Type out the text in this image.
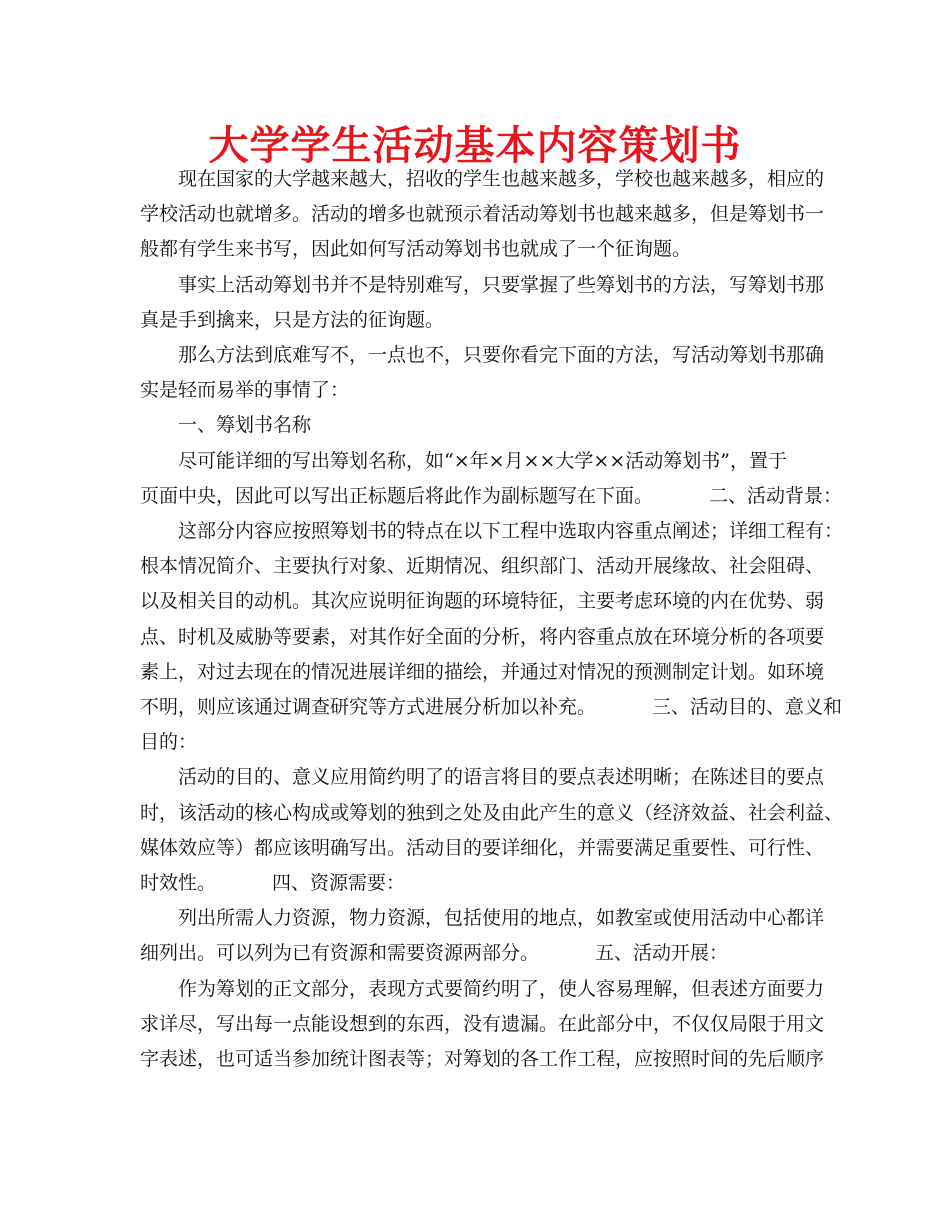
大学学生活动基本内容策划书

现在国家的大学越来越大，招收的学生也越来越多，学校也越来越多，相应的
学校活动也就增多。活动的增多也就预示着活动筹划书也越来越多，但是筹划书一
般都有学生来书写，因此如何写活动筹划书也就成了一个征询题。

事实上活动筹划书并不是特别难写，只要掌握了些筹划书的方法，写筹划书那
真是手到擒来，只是方法的征询题。

那么方法到底难写不，一点也不，只要你看完下面的方法，写活动筹划书那确
实是轻而易举的事情了：

一、筹划书名称

尽可能详细的写出筹划名称，如“×年×月××大学××活动筹划书”，置于
页面中央，因此可以写出正标题后将此作为副标题写在下面。	二、活动背景：

这部分内容应按照筹划书的特点在以下工程中选取内容重点阐述；详细工程有：
根本情况简介、主要执行对象、近期情况、组织部门、活动开展缘故、社会阻碍、
以及相关目的动机。其次应说明征询题的环境特征，主要考虑环境的内在优势、弱
点、时机及威胁等要素，对其作好全面的分析，将内容重点放在环境分析的各项要
素上，对过去现在的情况进展详细的描绘，并通过对情况的预测制定计划。如环境
不明，则应该通过调查研究等方式进展分析加以补充。	三、活动目的、意义和
目的：

活动的目的、意义应用简约明了的语言将目的要点表述明晰；在陈述目的要点
时，该活动的核心构成或筹划的独到之处及由此产生的意义（经济效益、社会利益、
媒体效应等）都应该明确写出。活动目的要详细化，并需要满足重要性、可行性、
时效性。	四、资源需要：

列出所需人力资源，物力资源，包括使用的地点，如教室或使用活动中心都详
细列出。可以列为已有资源和需要资源两部分。	五、活动开展：

作为筹划的正文部分，表现方式要简约明了，使人容易理解，但表述方面要力
求详尽，写出每一点能设想到的东西，没有遗漏。在此部分中，不仅仅局限于用文
字表述，也可适当参加统计图表等；对筹划的各工作工程，应按照时间的先后顺序
